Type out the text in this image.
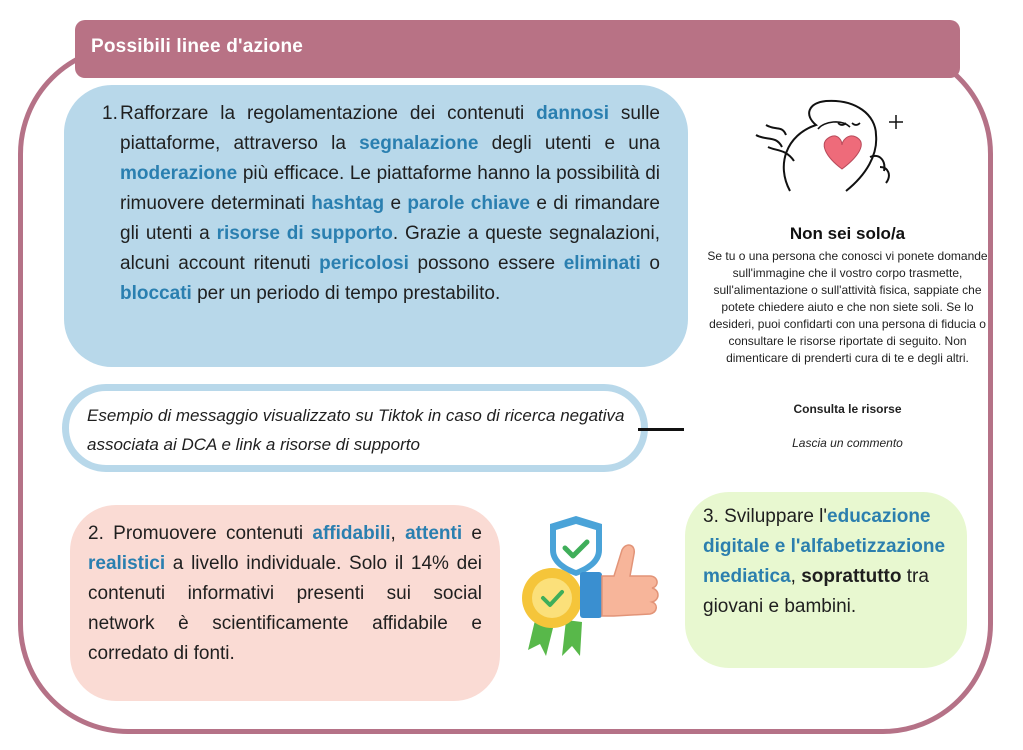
Possibili linee d'azione
1. Rafforzare la regolamentazione dei contenuti dannosi sulle piattaforme, attraverso la segnalazione degli utenti e una moderazione più efficace. Le piattaforme hanno la possibilità di rimuovere determinati hashtag e parole chiave e di rimandare gli utenti a risorse di supporto. Grazie a queste segnalazioni, alcuni account ritenuti pericolosi possono essere eliminati o bloccati per un periodo di tempo prestabilito.
Non sei solo/a
Se tu o una persona che conosci vi ponete domande sull'immagine che il vostro corpo trasmette, sull'alimentazione o sull'attività fisica, sappiate che potete chiedere aiuto e che non siete soli. Se lo desideri, puoi confidarti con una persona di fiducia o consultare le risorse riportate di seguito. Non dimenticare di prenderti cura di te e degli altri.
Consulta le risorse
Lascia un commento
Esempio di messaggio visualizzato su Tiktok in caso di ricerca negativa associata ai DCA e link a risorse di supporto
2. Promuovere contenuti affidabili, attenti e realistici a livello individuale. Solo il 14% dei contenuti informativi presenti sui social network è scientificamente affidabile e corredato di fonti.
3. Sviluppare l'educazione digitale e l'alfabetizzazione mediatica, soprattutto tra giovani e bambini.
